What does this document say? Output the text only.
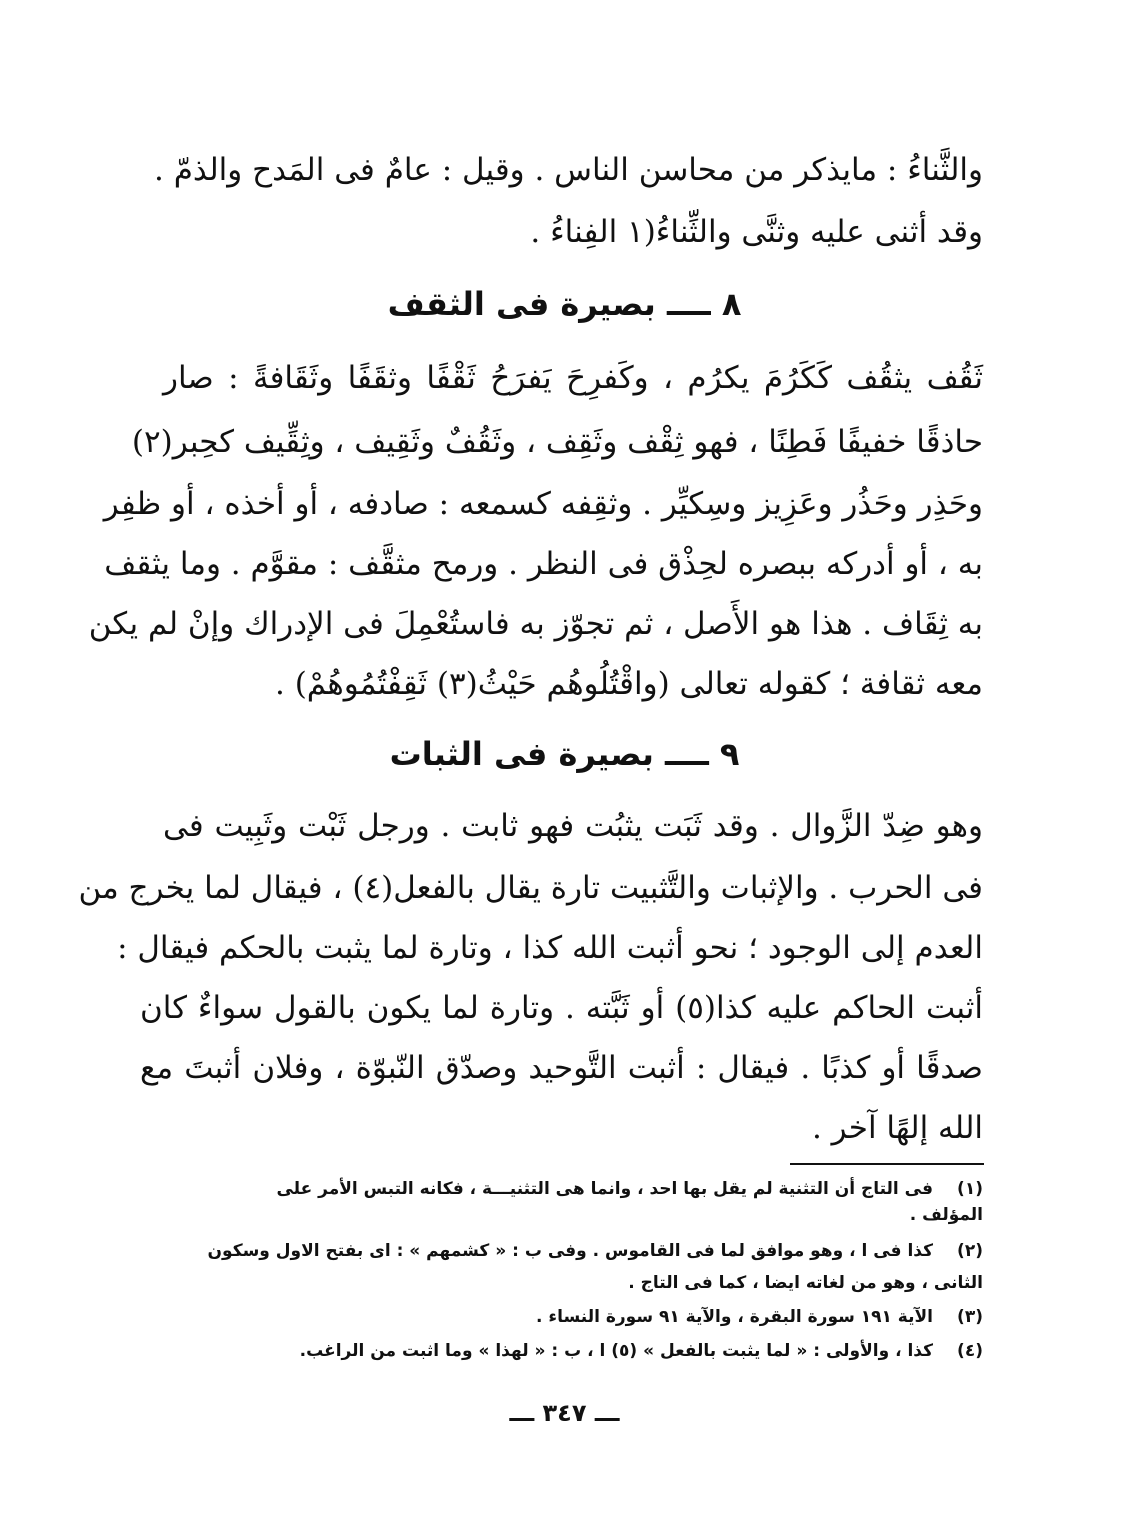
والثَّناءُ : مايذكر من محاسن الناس . وقيل : عامٌ فى المَدح والذمّ .
وقد أثنى عليه وثنَّى والثِّناءُ(١ الفِناءُ .
٨ ــــ بصيرة فى الثقف
ثَقُف يثقُف كَكَرُمَ يكرُم ، وكَفرِحَ يَفرَحُ ثَقْفًا وثقَفًا وثَقَافةً : صار
حاذقًا خفيفًا فَطِنًا ، فهو ثِقْف وثَقِف ، وثَقُفٌ وثَقِيف ، وثِقِّيف كحِبر(٢)
وحَذِر وحَذُر وعَزِيز وسِكيِّر . وثقِفه كسمعه : صادفه ، أو أخذه ، أو ظفِر
به ، أو أدركه ببصره لحِذْق فى النظر . ورمح مثقَّف : مقوَّم . وما يثقف
به ثِقَاف . هذا هو الأَصل ، ثم تجوّز به فاستُعْمِلَ فى الإدراك وإنْ لم يكن
معه ثقافة ؛ كقوله تعالى (واقْتُلُوهُم حَيْثُ(٣) ثَقِفْتُمُوهُمْ) .
٩ ــــ بصيرة فى الثبات
وهو ضِدّ الزَّوال . وقد ثَبَت يثبُت فهو ثابت . ورجل ثَبْت وثَبِيت فى
فى الحرب . والإثبات والتَّثبيت تارة يقال بالفعل(٤) ، فيقال لما يخرج من
العدم إلى الوجود ؛ نحو أثبت الله كذا ، وتارة لما يثبت بالحكم فيقال :
أثبت الحاكم عليه كذا(٥) أو ثَبَّته . وتارة لما يكون بالقول سواءٌ كان
صدقًا أو كذبًا . فيقال : أثبت التَّوحيد وصدّق النّبوّة ، وفلان أثبتَ مع
الله إلهًا آخر .
(١)فى التاج أن التثنية لم يقل بها احد ، وانما هى التثنيـــة ، فكانه التبس الأمر على
المؤلف .
(٢)كذا فى ا ، وهو موافق لما فى القاموس . وفى ب : « كشمهم » : اى بفتح الاول وسكون
الثانى ، وهو من لغاته ايضا ، كما فى التاج .
(٣)الآية ١٩١ سورة البقرة ، والآية ٩١ سورة النساء .
(٤)كذا ، والأولى : « لما يثبت بالفعل » (٥) ا ، ب : « لهذا » وما اثبت من الراغب.
ـــ ٣٤٧ ـــ
